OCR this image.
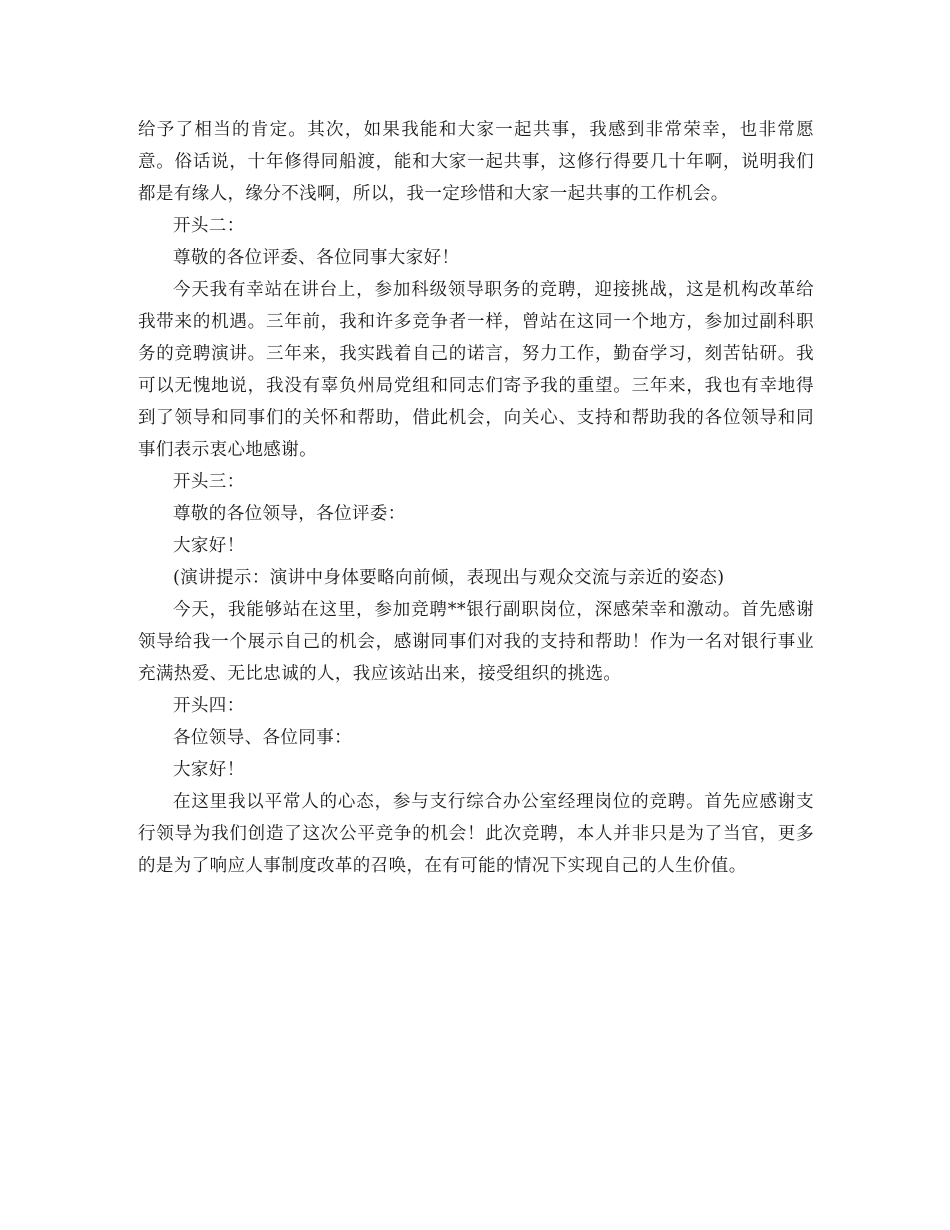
给予了相当的肯定。其次，如果我能和大家一起共事，我感到非常荣幸，也非常愿意。俗话说，十年修得同船渡，能和大家一起共事，这修行得要几十年啊，说明我们都是有缘人，缘分不浅啊，所以，我一定珍惜和大家一起共事的工作机会。

开头二：

尊敬的各位评委、各位同事大家好！

今天我有幸站在讲台上，参加科级领导职务的竞聘，迎接挑战，这是机构改革给我带来的机遇。三年前，我和许多竞争者一样，曾站在这同一个地方，参加过副科职务的竞聘演讲。三年来，我实践着自己的诺言，努力工作，勤奋学习，刻苦钻研。我可以无愧地说，我没有辜负州局党组和同志们寄予我的重望。三年来，我也有幸地得到了领导和同事们的关怀和帮助，借此机会，向关心、支持和帮助我的各位领导和同事们表示衷心地感谢。

开头三：

尊敬的各位领导，各位评委：

大家好！

(演讲提示：演讲中身体要略向前倾，表现出与观众交流与亲近的姿态)

今天，我能够站在这里，参加竞聘**银行副职岗位，深感荣幸和激动。首先感谢领导给我一个展示自己的机会，感谢同事们对我的支持和帮助！作为一名对银行事业充满热爱、无比忠诚的人，我应该站出来，接受组织的挑选。

开头四：

各位领导、各位同事：

大家好！

在这里我以平常人的心态，参与支行综合办公室经理岗位的竞聘。首先应感谢支行领导为我们创造了这次公平竞争的机会！此次竞聘，本人并非只是为了当官，更多的是为了响应人事制度改革的召唤，在有可能的情况下实现自己的人生价值。
